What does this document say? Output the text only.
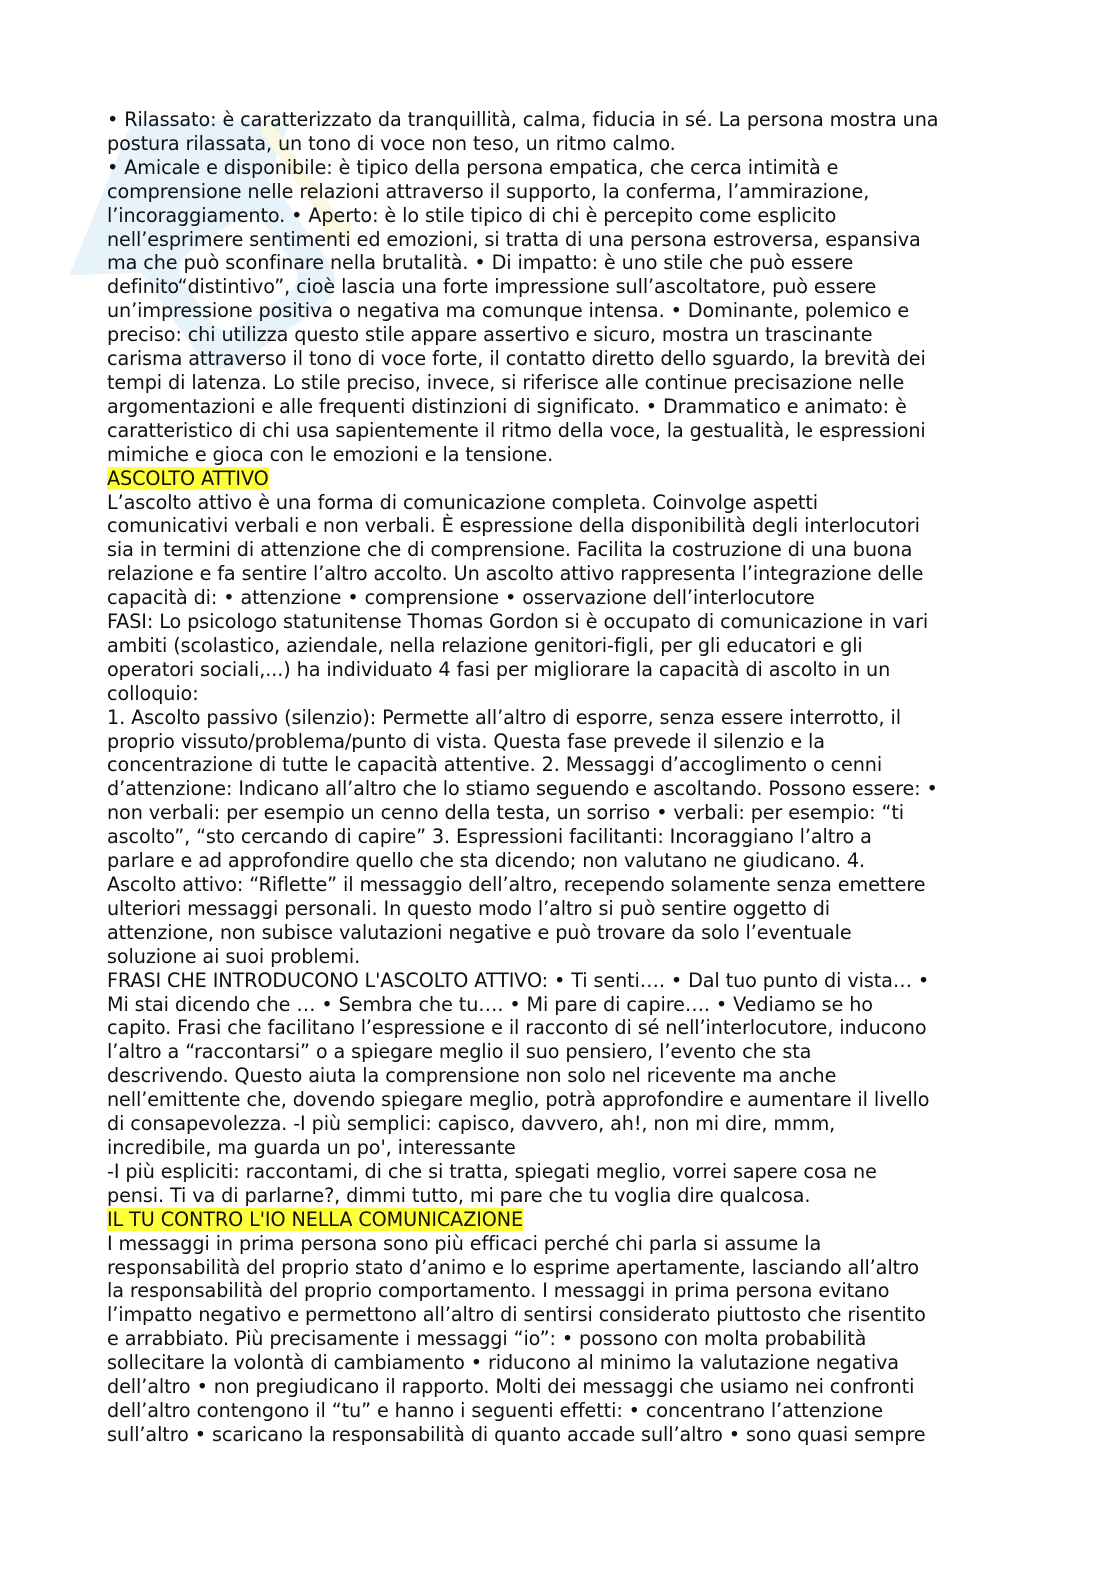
• Rilassato: è caratterizzato da tranquillità, calma, fiducia in sé. La persona mostra una
postura rilassata, un tono di voce non teso, un ritmo calmo.

• Amicale e disponibile: è tipico della persona empatica, che cerca intimità e
comprensione nelle relazioni attraverso il supporto, la conferma, l’ammirazione,
l’incoraggiamento. • Aperto: è lo stile tipico di chi è percepito come esplicito
nell’esprimere sentimenti ed emozioni, si tratta di una persona estroversa, espansiva
ma che può sconfinare nella brutalità. • Di impatto: è uno stile che può essere
definito“distintivo”, cioè lascia una forte impressione sull’ascoltatore, può essere
un’impressione positiva o negativa ma comunque intensa. • Dominante, polemico e
preciso: chi utilizza questo stile appare assertivo e sicuro, mostra un trascinante
carisma attraverso il tono di voce forte, il contatto diretto dello sguardo, la brevità dei
tempi di latenza. Lo stile preciso, invece, si riferisce alle continue precisazione nelle
argomentazioni e alle frequenti distinzioni di significato. • Drammatico e animato: è
caratteristico di chi usa sapientemente il ritmo della voce, la gestualità, le espressioni
mimiche e gioca con le emozioni e la tensione.

ASCOLTO ATTIVO

L’ascolto attivo è una forma di comunicazione completa. Coinvolge aspetti
comunicativi verbali e non verbali. È espressione della disponibilità degli interlocutori
sia in termini di attenzione che di comprensione. Facilita la costruzione di una buona
relazione e fa sentire l’altro accolto. Un ascolto attivo rappresenta l’integrazione delle
capacità di: • attenzione • comprensione • osservazione dell’interlocutore

FASI: Lo psicologo statunitense Thomas Gordon si è occupato di comunicazione in vari
ambiti (scolastico, aziendale, nella relazione genitori-figli, per gli educatori e gli
operatori sociali,...) ha individuato 4 fasi per migliorare la capacità di ascolto in un
colloquio:

1. Ascolto passivo (silenzio): Permette all’altro di esporre, senza essere interrotto, il
proprio vissuto/problema/punto di vista. Questa fase prevede il silenzio e la
concentrazione di tutte le capacità attentive. 2. Messaggi d’accoglimento o cenni
d’attenzione: Indicano all’altro che lo stiamo seguendo e ascoltando. Possono essere: •
non verbali: per esempio un cenno della testa, un sorriso • verbali: per esempio: “ti
ascolto”, “sto cercando di capire” 3. Espressioni facilitanti: Incoraggiano l’altro a
parlare e ad approfondire quello che sta dicendo; non valutano ne giudicano. 4.
Ascolto attivo: “Riflette” il messaggio dell’altro, recependo solamente senza emettere
ulteriori messaggi personali. In questo modo l’altro si può sentire oggetto di
attenzione, non subisce valutazioni negative e può trovare da solo l’eventuale
soluzione ai suoi problemi.

FRASI CHE INTRODUCONO L'ASCOLTO ATTIVO: • Ti senti…. • Dal tuo punto di vista… •
Mi stai dicendo che … • Sembra che tu…. • Mi pare di capire…. • Vediamo se ho
capito. Frasi che facilitano l’espressione e il racconto di sé nell’interlocutore, inducono
l’altro a “raccontarsi” o a spiegare meglio il suo pensiero, l’evento che sta
descrivendo. Questo aiuta la comprensione non solo nel ricevente ma anche
nell’emittente che, dovendo spiegare meglio, potrà approfondire e aumentare il livello
di consapevolezza. -I più semplici: capisco, davvero, ah!, non mi dire, mmm,
incredibile, ma guarda un po', interessante

-I più espliciti: raccontami, di che si tratta, spiegati meglio, vorrei sapere cosa ne
pensi. Ti va di parlarne?, dimmi tutto, mi pare che tu voglia dire qualcosa.

IL TU CONTRO L'IO NELLA COMUNICAZIONE

I messaggi in prima persona sono più efficaci perché chi parla si assume la
responsabilità del proprio stato d’animo e lo esprime apertamente, lasciando all’altro
la responsabilità del proprio comportamento. I messaggi in prima persona evitano
l’impatto negativo e permettono all’altro di sentirsi considerato piuttosto che risentito
e arrabbiato. Più precisamente i messaggi “io”: • possono con molta probabilità
sollecitare la volontà di cambiamento • riducono al minimo la valutazione negativa
dell’altro • non pregiudicano il rapporto. Molti dei messaggi che usiamo nei confronti
dell’altro contengono il “tu” e hanno i seguenti effetti: • concentrano l’attenzione
sull’altro • scaricano la responsabilità di quanto accade sull’altro • sono quasi sempre
